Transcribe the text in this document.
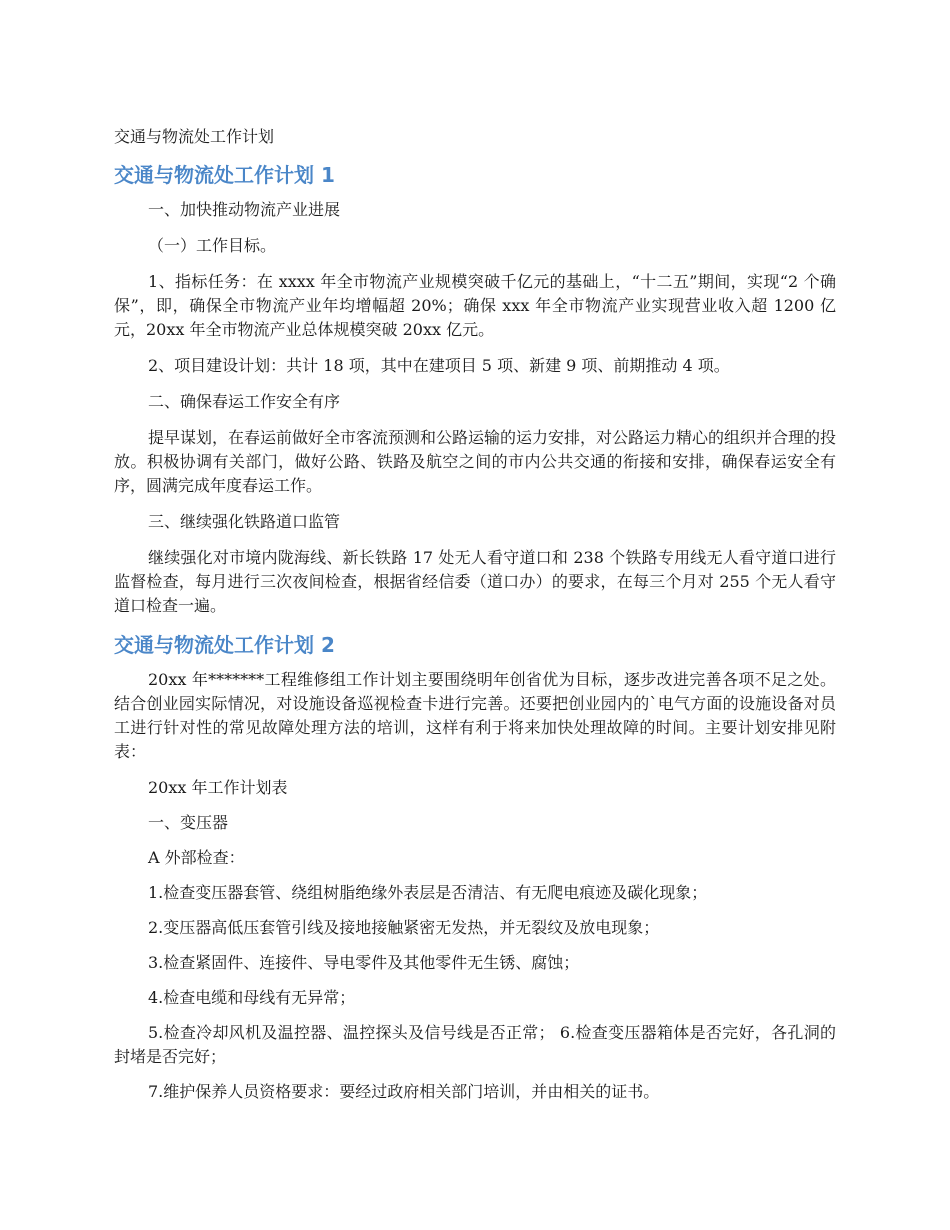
交通与物流处工作计划
交通与物流处工作计划 1

一、加快推动物流产业进展

（一）工作目标。

1、指标任务：在 xxxx 年全市物流产业规模突破千亿元的基础上，“十二五”期间，实现“2 个确保”，即，确保全市物流产业年均增幅超 20%；确保 xxx 年全市物流产业实现营业收入超 1200 亿元，20xx 年全市物流产业总体规模突破 20xx 亿元。

2、项目建设计划：共计 18 项，其中在建项目 5 项、新建 9 项、前期推动 4 项。

二、确保春运工作安全有序

提早谋划，在春运前做好全市客流预测和公路运输的运力安排，对公路运力精心的组织并合理的投放。积极协调有关部门，做好公路、铁路及航空之间的市内公共交通的衔接和安排，确保春运安全有序，圆满完成年度春运工作。

三、继续强化铁路道口监管

继续强化对市境内陇海线、新长铁路 17 处无人看守道口和 238 个铁路专用线无人看守道口进行监督检查，每月进行三次夜间检查，根据省经信委（道口办）的要求，在每三个月对 255 个无人看守道口检查一遍。

交通与物流处工作计划 2

20xx 年*******工程维修组工作计划主要围绕明年创省优为目标，逐步改进完善各项不足之处。结合创业园实际情况，对设施设备巡视检查卡进行完善。还要把创业园内的`电气方面的设施设备对员工进行针对性的常见故障处理方法的培训，这样有利于将来加快处理故障的时间。主要计划安排见附表：

20xx 年工作计划表

一、变压器

A 外部检查：

1.检查变压器套管、绕组树脂绝缘外表层是否清洁、有无爬电痕迹及碳化现象；

2.变压器高低压套管引线及接地接触紧密无发热，并无裂纹及放电现象；

3.检查紧固件、连接件、导电零件及其他零件无生锈、腐蚀；

4.检查电缆和母线有无异常；

5.检查冷却风机及温控器、温控探头及信号线是否正常； 6.检查变压器箱体是否完好，各孔洞的封堵是否完好；

7.维护保养人员资格要求：要经过政府相关部门培训，并由相关的证书。
